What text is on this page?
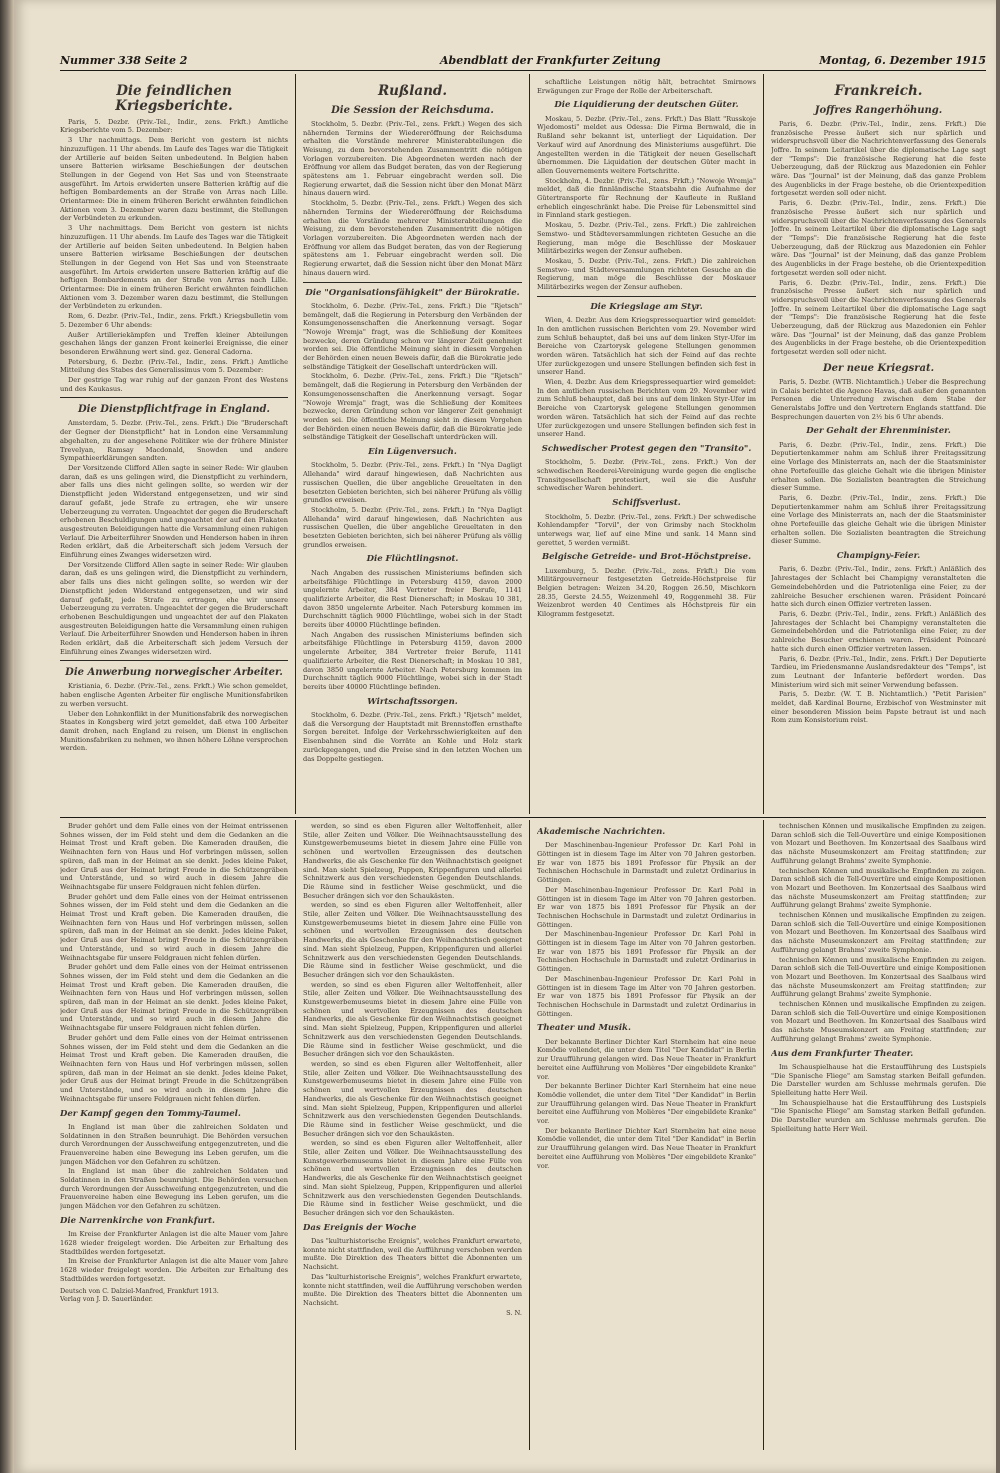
Nummer 338 Seite 2	Abendblatt der Frankfurter Zeitung	Montag, 6. Dezember 1915
Die feindlichen Kriegsberichte.

Paris, 5. Dezbr. (Priv.-Tel., Indir., zens. Frkft.) Amtliche Kriegsberichte vom 5. Dezember:

3 Uhr nachmittags. Dem Bericht von gestern ist nichts hinzuzufügen. 11 Uhr abends. Im Laufe des Tages war die Tätigkeit der Artillerie auf beiden Seiten unbedeutend. In Belgien haben unsere Batterien wirksame Beschießungen der deutschen Stellungen in der Gegend von Het Sas und von Steenstraate ausgeführt. Im Artois erwiderten unsere Batterien kräftig auf die heftigen Bombardements an der Straße von Arras nach Lille. Orientarmee: Die in einem früheren Bericht erwähnten feindlichen Aktionen vom 3. Dezember waren dazu bestimmt, die Stellungen der Verbündeten zu erkunden.

3 Uhr nachmittags. Dem Bericht von gestern ist nichts hinzuzufügen. 11 Uhr abends. Im Laufe des Tages war die Tätigkeit der Artillerie auf beiden Seiten unbedeutend. In Belgien haben unsere Batterien wirksame Beschießungen der deutschen Stellungen in der Gegend von Het Sas und von Steenstraate ausgeführt. Im Artois erwiderten unsere Batterien kräftig auf die heftigen Bombardements an der Straße von Arras nach Lille. Orientarmee: Die in einem früheren Bericht erwähnten feindlichen Aktionen vom 3. Dezember waren dazu bestimmt, die Stellungen der Verbündeten zu erkunden.

Rom, 6. Dezbr. (Priv.-Tel., Indir., zens. Frkft.) Kriegsbulletin vom 5. Dezember 6 Uhr abends:

Außer Artilleriekämpfen und Treffen kleiner Abteilungen geschahen längs der ganzen Front keinerlei Ereignisse, die einer besonderen Erwähnung wert sind. gez. General Cadorna.

Petersburg, 6. Dezbr. (Priv.-Tel., Indir., zens. Frkft.) Amtliche Mitteilung des Stabes des Generalissimus vom 5. Dezember:

Der gestrige Tag war ruhig auf der ganzen Front des Westens und des Kaukasus.

Die Dienstpflichtfrage in England.

Amsterdam, 5. Dezbr. (Priv.-Tel., zens. Frkft.) Die "Bruderschaft der Gegner der Dienstpflicht" hat in London eine Versammlung abgehalten, zu der angesehene Politiker wie der frühere Minister Trevelyan, Ramsay Macdonald, Snowden und andere Sympathieerklärungen sandten.

Der Vorsitzende Clifford Allen sagte in seiner Rede: Wir glauben daran, daß es uns gelingen wird, die Dienstpflicht zu verhindern, aber falls uns dies nicht gelingen sollte, so werden wir der Dienstpflicht jeden Widerstand entgegensetzen, und wir sind darauf gefaßt, jede Strafe zu ertragen, ehe wir unsere Ueberzeugung zu verraten. Ungeachtet der gegen die Bruderschaft erhobenen Beschuldigungen und ungeachtet der auf den Plakaten ausgestreuten Beleidigungen hatte die Versammlung einen ruhigen Verlauf. Die Arbeiterführer Snowden und Henderson haben in ihren Reden erklärt, daß die Arbeiterschaft sich jedem Versuch der Einführung eines Zwanges widersetzen wird.

Der Vorsitzende Clifford Allen sagte in seiner Rede: Wir glauben daran, daß es uns gelingen wird, die Dienstpflicht zu verhindern, aber falls uns dies nicht gelingen sollte, so werden wir der Dienstpflicht jeden Widerstand entgegensetzen, und wir sind darauf gefaßt, jede Strafe zu ertragen, ehe wir unsere Ueberzeugung zu verraten. Ungeachtet der gegen die Bruderschaft erhobenen Beschuldigungen und ungeachtet der auf den Plakaten ausgestreuten Beleidigungen hatte die Versammlung einen ruhigen Verlauf. Die Arbeiterführer Snowden und Henderson haben in ihren Reden erklärt, daß die Arbeiterschaft sich jedem Versuch der Einführung eines Zwanges widersetzen wird.

Die Anwerbung norwegischer Arbeiter.

Kristiania, 6. Dezbr. (Priv.-Tel., zens. Frkft.) Wie schon gemeldet, haben englische Agenten Arbeiter für englische Munitionsfabriken zu werben versucht.

Ueber den Lohnkonflikt in der Munitionsfabrik des norwegischen Staates in Kongsberg wird jetzt gemeldet, daß etwa 100 Arbeiter damit drohen, nach England zu reisen, um Dienst in englischen Munitionsfabriken zu nehmen, wo ihnen höhere Löhne versprochen werden.

Rußland.
Die Session der Reichsduma.

Stockholm, 5. Dezbr. (Priv.-Tel., zens. Frkft.) Wegen des sich nähernden Termins der Wiedereröffnung der Reichsduma erhalten die Vorstände mehrerer Ministerabteilungen die Weisung, zu dem bevorstehenden Zusammentritt die nötigen Vorlagen vorzubereiten. Die Abgeordneten werden nach der Eröffnung vor allem das Budget beraten, das von der Regierung spätestens am 1. Februar eingebracht werden soll. Die Regierung erwartet, daß die Session nicht über den Monat März hinaus dauern wird.

Stockholm, 5. Dezbr. (Priv.-Tel., zens. Frkft.) Wegen des sich nähernden Termins der Wiedereröffnung der Reichsduma erhalten die Vorstände mehrerer Ministerabteilungen die Weisung, zu dem bevorstehenden Zusammentritt die nötigen Vorlagen vorzubereiten. Die Abgeordneten werden nach der Eröffnung vor allem das Budget beraten, das von der Regierung spätestens am 1. Februar eingebracht werden soll. Die Regierung erwartet, daß die Session nicht über den Monat März hinaus dauern wird.

Die "Organisationsfähigkeit" der Bürokratie.

Stockholm, 6. Dezbr. (Priv.-Tel., zens. Frkft.) Die "Rjetsch" bemängelt, daß die Regierung in Petersburg den Verbänden der Konsumgenossenschaften die Anerkennung versagt. Sogar "Nowoje Wremja" fragt, was die Schließung der Komitees bezwecke, deren Gründung schon vor längerer Zeit genehmigt worden sei. Die öffentliche Meinung sieht in diesem Vorgehen der Behörden einen neuen Beweis dafür, daß die Bürokratie jede selbständige Tätigkeit der Gesellschaft unterdrücken will.

Stockholm, 6. Dezbr. (Priv.-Tel., zens. Frkft.) Die "Rjetsch" bemängelt, daß die Regierung in Petersburg den Verbänden der Konsumgenossenschaften die Anerkennung versagt. Sogar "Nowoje Wremja" fragt, was die Schließung der Komitees bezwecke, deren Gründung schon vor längerer Zeit genehmigt worden sei. Die öffentliche Meinung sieht in diesem Vorgehen der Behörden einen neuen Beweis dafür, daß die Bürokratie jede selbständige Tätigkeit der Gesellschaft unterdrücken will.

Ein Lügenversuch.

Stockholm, 5. Dezbr. (Priv.-Tel., zens. Frkft.) In "Nya Dagligt Allehanda" wird darauf hingewiesen, daß Nachrichten aus russischen Quellen, die über angebliche Greueltaten in den besetzten Gebieten berichten, sich bei näherer Prüfung als völlig grundlos erweisen.

Stockholm, 5. Dezbr. (Priv.-Tel., zens. Frkft.) In "Nya Dagligt Allehanda" wird darauf hingewiesen, daß Nachrichten aus russischen Quellen, die über angebliche Greueltaten in den besetzten Gebieten berichten, sich bei näherer Prüfung als völlig grundlos erweisen.

Die Flüchtlingsnot.

Nach Angaben des russischen Ministeriums befinden sich arbeitsfähige Flüchtlinge in Petersburg 4159, davon 2000 ungelernte Arbeiter, 384 Vertreter freier Berufe, 1141 qualifizierte Arbeiter, die Rest Dienerschaft; in Moskau 10 381, davon 3850 ungelernte Arbeiter. Nach Petersburg kommen im Durchschnitt täglich 9000 Flüchtlinge, wobei sich in der Stadt bereits über 40000 Flüchtlinge befinden.

Nach Angaben des russischen Ministeriums befinden sich arbeitsfähige Flüchtlinge in Petersburg 4159, davon 2000 ungelernte Arbeiter, 384 Vertreter freier Berufe, 1141 qualifizierte Arbeiter, die Rest Dienerschaft; in Moskau 10 381, davon 3850 ungelernte Arbeiter. Nach Petersburg kommen im Durchschnitt täglich 9000 Flüchtlinge, wobei sich in der Stadt bereits über 40000 Flüchtlinge befinden.

Wirtschaftssorgen.

Stockholm, 6. Dezbr. (Priv.-Tel., zens. Frkft.) "Rjetsch" meldet, daß die Versorgung der Hauptstadt mit Brennstoffen ernsthafte Sorgen bereitet. Infolge der Verkehrsschwierigkeiten auf den Eisenbahnen sind die Vorräte an Kohle und Holz stark zurückgegangen, und die Preise sind in den letzten Wochen um das Doppelte gestiegen.

schaftliche Leistungen nötig hält, betrachtet Smirnows Erwägungen zur Frage der Rolle der Arbeiterschaft.

Die Liquidierung der deutschen Güter.

Moskau, 5. Dezbr. (Priv.-Tel., zens. Frkft.) Das Blatt "Russkoje Wjedomosti" meldet aus Odessa: Die Firma Bernwald, die in Rußland sehr bekannt ist, unterliegt der Liquidation. Der Verkauf wird auf Anordnung des Ministeriums ausgeführt. Die Angestellten werden in die Tätigkeit der neuen Gesellschaft übernommen. Die Liquidation der deutschen Güter macht in allen Gouvernements weitere Fortschritte.

Stockholm, 4. Dezbr. (Priv.-Tel., zens. Frkft.) "Nowoje Wremja" meldet, daß die finnländische Staatsbahn die Aufnahme der Gütertransporte für Rechnung der Kaufleute in Rußland erheblich eingeschränkt habe. Die Preise für Lebensmittel sind in Finnland stark gestiegen.

Moskau, 5. Dezbr. (Priv.-Tel., zens. Frkft.) Die zahlreichen Semstwo- und Städteversammlungen richteten Gesuche an die Regierung, man möge die Beschlüsse der Moskauer Militärbezirks wegen der Zensur aufheben.

Moskau, 5. Dezbr. (Priv.-Tel., zens. Frkft.) Die zahlreichen Semstwo- und Städteversammlungen richteten Gesuche an die Regierung, man möge die Beschlüsse der Moskauer Militärbezirks wegen der Zensur aufheben.

Die Kriegslage am Styr.

Wien, 4. Dezbr. Aus dem Kriegspressequartier wird gemeldet: In den amtlichen russischen Berichten vom 29. November wird zum Schluß behauptet, daß bei uns auf dem linken Styr-Ufer im Bereiche von Czartorysk gelegene Stellungen genommen worden wären. Tatsächlich hat sich der Feind auf das rechte Ufer zurückgezogen und unsere Stellungen befinden sich fest in unserer Hand.

Wien, 4. Dezbr. Aus dem Kriegspressequartier wird gemeldet: In den amtlichen russischen Berichten vom 29. November wird zum Schluß behauptet, daß bei uns auf dem linken Styr-Ufer im Bereiche von Czartorysk gelegene Stellungen genommen worden wären. Tatsächlich hat sich der Feind auf das rechte Ufer zurückgezogen und unsere Stellungen befinden sich fest in unserer Hand.

Schwedischer Protest gegen den "Transito".

Stockholm, 5. Dezbr. (Priv.-Tel., zens. Frkft.) Von der schwedischen Reederei-Vereinigung wurde gegen die englische Transitgesellschaft protestiert, weil sie die Ausfuhr schwedischer Waren behindert.

Schiffsverlust.

Stockholm, 5. Dezbr. (Priv.-Tel., zens. Frkft.) Der schwedische Kohlendampfer "Torvil", der von Grimsby nach Stockholm unterwegs war, lief auf eine Mine und sank. 14 Mann sind gerettet, 5 werden vermißt.

Belgische Getreide- und Brot-Höchstpreise.

Luxemburg, 5. Dezbr. (Priv.-Tel., zens. Frkft.) Die vom Militärgouverneur festgesetzten Getreide-Höchstpreise für Belgien betragen: Weizen 34.20, Roggen 26.50, Mischkorn 28.35, Gerste 24.55, Weizenmehl 49, Roggenmehl 38. Für Weizenbrot werden 40 Centimes als Höchstpreis für ein Kilogramm festgesetzt.

Frankreich.
Joffres Rangerhöhung.

Paris, 6. Dezbr. (Priv.-Tel., Indir., zens. Frkft.) Die französische Presse äußert sich nur spärlich und widerspruchsvoll über die Nachrichtenverfassung des Generals Joffre. In seinem Leitartikel über die diplomatische Lage sagt der "Temps": Die französische Regierung hat die feste Ueberzeugung, daß der Rückzug aus Mazedonien ein Fehler wäre. Das "Journal" ist der Meinung, daß das ganze Problem des Augenblicks in der Frage bestehe, ob die Orientexpedition fortgesetzt werden soll oder nicht.

Paris, 6. Dezbr. (Priv.-Tel., Indir., zens. Frkft.) Die französische Presse äußert sich nur spärlich und widerspruchsvoll über die Nachrichtenverfassung des Generals Joffre. In seinem Leitartikel über die diplomatische Lage sagt der "Temps": Die französische Regierung hat die feste Ueberzeugung, daß der Rückzug aus Mazedonien ein Fehler wäre. Das "Journal" ist der Meinung, daß das ganze Problem des Augenblicks in der Frage bestehe, ob die Orientexpedition fortgesetzt werden soll oder nicht.

Paris, 6. Dezbr. (Priv.-Tel., Indir., zens. Frkft.) Die französische Presse äußert sich nur spärlich und widerspruchsvoll über die Nachrichtenverfassung des Generals Joffre. In seinem Leitartikel über die diplomatische Lage sagt der "Temps": Die französische Regierung hat die feste Ueberzeugung, daß der Rückzug aus Mazedonien ein Fehler wäre. Das "Journal" ist der Meinung, daß das ganze Problem des Augenblicks in der Frage bestehe, ob die Orientexpedition fortgesetzt werden soll oder nicht.

Der neue Kriegsrat.

Paris, 5. Dezbr. (WTB. Nichtamtlich.) Ueber die Besprechung in Calais berichtet die Agence Havas, daß außer den genannten Personen die Unterredung zwischen dem Stabe der Generalstabs Joffre und den Vertretern Englands stattfand. Die Besprechungen dauerten von 2½ bis 6 Uhr abends.

Der Gehalt der Ehrenminister.

Paris, 6. Dezbr. (Priv.-Tel., Indir., zens. Frkft.) Die Deputiertenkammer nahm am Schluß ihrer Freitagssitzung eine Vorlage des Ministerrats an, nach der die Staatsminister ohne Portefeuille das gleiche Gehalt wie die übrigen Minister erhalten sollen. Die Sozialisten beantragten die Streichung dieser Summe.

Paris, 6. Dezbr. (Priv.-Tel., Indir., zens. Frkft.) Die Deputiertenkammer nahm am Schluß ihrer Freitagssitzung eine Vorlage des Ministerrats an, nach der die Staatsminister ohne Portefeuille das gleiche Gehalt wie die übrigen Minister erhalten sollen. Die Sozialisten beantragten die Streichung dieser Summe.

Champigny-Feier.

Paris, 6. Dezbr. (Priv.-Tel., Indir., zens. Frkft.) Anläßlich des Jahrestages der Schlacht bei Champigny veranstalteten die Gemeindebehörden und die Patriotenliga eine Feier, zu der zahlreiche Besucher erschienen waren. Präsident Poincaré hatte sich durch einen Offizier vertreten lassen.

Paris, 6. Dezbr. (Priv.-Tel., Indir., zens. Frkft.) Anläßlich des Jahrestages der Schlacht bei Champigny veranstalteten die Gemeindebehörden und die Patriotenliga eine Feier, zu der zahlreiche Besucher erschienen waren. Präsident Poincaré hatte sich durch einen Offizier vertreten lassen.

Paris, 6. Dezbr. (Priv.-Tel., Indir., zens. Frkft.) Der Deputierte Tardieu, im Friedensmanne Auslandsredakteur des "Temps", ist zum Leutnant der Infanterie befördert worden. Das Ministerium wird sich mit seiner Verwendung befassen.

Paris, 5. Dezbr. (W. T. B. Nichtamtlich.) "Petit Parisien" meldet, daß Kardinal Bourne, Erzbischof von Westminster mit einer besonderen Mission beim Papste betraut ist und nach Rom zum Konsistorium reist.

Bruder gehört und dem Falle eines von der Heimat entrissenen Sohnes wissen, der im Feld steht und dem die Gedanken an die Heimat Trost und Kraft geben. Die Kameraden draußen, die Weihnachten fern von Haus und Hof verbringen müssen, sollen spüren, daß man in der Heimat an sie denkt. Jedes kleine Paket, jeder Gruß aus der Heimat bringt Freude in die Schützengräben und Unterstände, und so wird auch in diesem Jahre die Weihnachtsgabe für unsere Feldgrauen nicht fehlen dürfen.

Bruder gehört und dem Falle eines von der Heimat entrissenen Sohnes wissen, der im Feld steht und dem die Gedanken an die Heimat Trost und Kraft geben. Die Kameraden draußen, die Weihnachten fern von Haus und Hof verbringen müssen, sollen spüren, daß man in der Heimat an sie denkt. Jedes kleine Paket, jeder Gruß aus der Heimat bringt Freude in die Schützengräben und Unterstände, und so wird auch in diesem Jahre die Weihnachtsgabe für unsere Feldgrauen nicht fehlen dürfen.

Bruder gehört und dem Falle eines von der Heimat entrissenen Sohnes wissen, der im Feld steht und dem die Gedanken an die Heimat Trost und Kraft geben. Die Kameraden draußen, die Weihnachten fern von Haus und Hof verbringen müssen, sollen spüren, daß man in der Heimat an sie denkt. Jedes kleine Paket, jeder Gruß aus der Heimat bringt Freude in die Schützengräben und Unterstände, und so wird auch in diesem Jahre die Weihnachtsgabe für unsere Feldgrauen nicht fehlen dürfen.

Bruder gehört und dem Falle eines von der Heimat entrissenen Sohnes wissen, der im Feld steht und dem die Gedanken an die Heimat Trost und Kraft geben. Die Kameraden draußen, die Weihnachten fern von Haus und Hof verbringen müssen, sollen spüren, daß man in der Heimat an sie denkt. Jedes kleine Paket, jeder Gruß aus der Heimat bringt Freude in die Schützengräben und Unterstände, und so wird auch in diesem Jahre die Weihnachtsgabe für unsere Feldgrauen nicht fehlen dürfen.

Der Kampf gegen den Tommy-Taumel.

In England ist man über die zahlreichen Soldaten und Soldatinnen in den Straßen beunruhigt. Die Behörden versuchen durch Verordnungen der Ausschweifung entgegenzutreten, und die Frauenvereine haben eine Bewegung ins Leben gerufen, um die jungen Mädchen vor den Gefahren zu schützen.

In England ist man über die zahlreichen Soldaten und Soldatinnen in den Straßen beunruhigt. Die Behörden versuchen durch Verordnungen der Ausschweifung entgegenzutreten, und die Frauenvereine haben eine Bewegung ins Leben gerufen, um die jungen Mädchen vor den Gefahren zu schützen.

Die Narrenkirche von Frankfurt.

Im Kreise der Frankfurter Anlagen ist die alte Mauer vom Jahre 1628 wieder freigelegt worden. Die Arbeiten zur Erhaltung des Stadtbildes werden fortgesetzt.

Im Kreise der Frankfurter Anlagen ist die alte Mauer vom Jahre 1628 wieder freigelegt worden. Die Arbeiten zur Erhaltung des Stadtbildes werden fortgesetzt.

Deutsch von C. Dalziel-Manfred, Frankfurt 1913.
Verlag von J. D. Sauerländer.

werden, so sind es eben Figuren aller Weltoffenheit, aller Stile, aller Zeiten und Völker. Die Weihnachtsausstellung des Kunstgewerbemuseums bietet in diesem Jahre eine Fülle von schönen und wertvollen Erzeugnissen des deutschen Handwerks, die als Geschenke für den Weihnachtstisch geeignet sind. Man sieht Spielzeug, Puppen, Krippenfiguren und allerlei Schnitzwerk aus den verschiedensten Gegenden Deutschlands. Die Räume sind in festlicher Weise geschmückt, und die Besucher drängen sich vor den Schaukästen.

werden, so sind es eben Figuren aller Weltoffenheit, aller Stile, aller Zeiten und Völker. Die Weihnachtsausstellung des Kunstgewerbemuseums bietet in diesem Jahre eine Fülle von schönen und wertvollen Erzeugnissen des deutschen Handwerks, die als Geschenke für den Weihnachtstisch geeignet sind. Man sieht Spielzeug, Puppen, Krippenfiguren und allerlei Schnitzwerk aus den verschiedensten Gegenden Deutschlands. Die Räume sind in festlicher Weise geschmückt, und die Besucher drängen sich vor den Schaukästen.

werden, so sind es eben Figuren aller Weltoffenheit, aller Stile, aller Zeiten und Völker. Die Weihnachtsausstellung des Kunstgewerbemuseums bietet in diesem Jahre eine Fülle von schönen und wertvollen Erzeugnissen des deutschen Handwerks, die als Geschenke für den Weihnachtstisch geeignet sind. Man sieht Spielzeug, Puppen, Krippenfiguren und allerlei Schnitzwerk aus den verschiedensten Gegenden Deutschlands. Die Räume sind in festlicher Weise geschmückt, und die Besucher drängen sich vor den Schaukästen.

werden, so sind es eben Figuren aller Weltoffenheit, aller Stile, aller Zeiten und Völker. Die Weihnachtsausstellung des Kunstgewerbemuseums bietet in diesem Jahre eine Fülle von schönen und wertvollen Erzeugnissen des deutschen Handwerks, die als Geschenke für den Weihnachtstisch geeignet sind. Man sieht Spielzeug, Puppen, Krippenfiguren und allerlei Schnitzwerk aus den verschiedensten Gegenden Deutschlands. Die Räume sind in festlicher Weise geschmückt, und die Besucher drängen sich vor den Schaukästen.

werden, so sind es eben Figuren aller Weltoffenheit, aller Stile, aller Zeiten und Völker. Die Weihnachtsausstellung des Kunstgewerbemuseums bietet in diesem Jahre eine Fülle von schönen und wertvollen Erzeugnissen des deutschen Handwerks, die als Geschenke für den Weihnachtstisch geeignet sind. Man sieht Spielzeug, Puppen, Krippenfiguren und allerlei Schnitzwerk aus den verschiedensten Gegenden Deutschlands. Die Räume sind in festlicher Weise geschmückt, und die Besucher drängen sich vor den Schaukästen.

Das Ereignis der Woche

Das "kulturhistorische Ereignis", welches Frankfurt erwartete, konnte nicht stattfinden, weil die Aufführung verschoben werden mußte. Die Direktion des Theaters bittet die Abonnenten um Nachsicht.

Das "kulturhistorische Ereignis", welches Frankfurt erwartete, konnte nicht stattfinden, weil die Aufführung verschoben werden mußte. Die Direktion des Theaters bittet die Abonnenten um Nachsicht.

S. N.

Akademische Nachrichten.

Der Maschinenbau-Ingenieur Professor Dr. Karl Pohl in Göttingen ist in diesem Tage im Alter von 70 Jahren gestorben. Er war von 1875 bis 1891 Professor für Physik an der Technischen Hochschule in Darmstadt und zuletzt Ordinarius in Göttingen.

Der Maschinenbau-Ingenieur Professor Dr. Karl Pohl in Göttingen ist in diesem Tage im Alter von 70 Jahren gestorben. Er war von 1875 bis 1891 Professor für Physik an der Technischen Hochschule in Darmstadt und zuletzt Ordinarius in Göttingen.

Der Maschinenbau-Ingenieur Professor Dr. Karl Pohl in Göttingen ist in diesem Tage im Alter von 70 Jahren gestorben. Er war von 1875 bis 1891 Professor für Physik an der Technischen Hochschule in Darmstadt und zuletzt Ordinarius in Göttingen.

Der Maschinenbau-Ingenieur Professor Dr. Karl Pohl in Göttingen ist in diesem Tage im Alter von 70 Jahren gestorben. Er war von 1875 bis 1891 Professor für Physik an der Technischen Hochschule in Darmstadt und zuletzt Ordinarius in Göttingen.

Theater und Musik.

Der bekannte Berliner Dichter Karl Sternheim hat eine neue Komödie vollendet, die unter dem Titel "Der Kandidat" in Berlin zur Uraufführung gelangen wird. Das Neue Theater in Frankfurt bereitet eine Aufführung von Molières "Der eingebildete Kranke" vor.

Der bekannte Berliner Dichter Karl Sternheim hat eine neue Komödie vollendet, die unter dem Titel "Der Kandidat" in Berlin zur Uraufführung gelangen wird. Das Neue Theater in Frankfurt bereitet eine Aufführung von Molières "Der eingebildete Kranke" vor.

Der bekannte Berliner Dichter Karl Sternheim hat eine neue Komödie vollendet, die unter dem Titel "Der Kandidat" in Berlin zur Uraufführung gelangen wird. Das Neue Theater in Frankfurt bereitet eine Aufführung von Molières "Der eingebildete Kranke" vor.

technischen Können und musikalische Empfinden zu zeigen. Daran schloß sich die Tell-Ouvertüre und einige Kompositionen von Mozart und Beethoven. Im Konzertsaal des Saalbaus wird das nächste Museumskonzert am Freitag stattfinden; zur Aufführung gelangt Brahms' zweite Symphonie.

technischen Können und musikalische Empfinden zu zeigen. Daran schloß sich die Tell-Ouvertüre und einige Kompositionen von Mozart und Beethoven. Im Konzertsaal des Saalbaus wird das nächste Museumskonzert am Freitag stattfinden; zur Aufführung gelangt Brahms' zweite Symphonie.

technischen Können und musikalische Empfinden zu zeigen. Daran schloß sich die Tell-Ouvertüre und einige Kompositionen von Mozart und Beethoven. Im Konzertsaal des Saalbaus wird das nächste Museumskonzert am Freitag stattfinden; zur Aufführung gelangt Brahms' zweite Symphonie.

technischen Können und musikalische Empfinden zu zeigen. Daran schloß sich die Tell-Ouvertüre und einige Kompositionen von Mozart und Beethoven. Im Konzertsaal des Saalbaus wird das nächste Museumskonzert am Freitag stattfinden; zur Aufführung gelangt Brahms' zweite Symphonie.

technischen Können und musikalische Empfinden zu zeigen. Daran schloß sich die Tell-Ouvertüre und einige Kompositionen von Mozart und Beethoven. Im Konzertsaal des Saalbaus wird das nächste Museumskonzert am Freitag stattfinden; zur Aufführung gelangt Brahms' zweite Symphonie.

Aus dem Frankfurter Theater.

Im Schauspielhause hat die Erstaufführung des Lustspiels "Die Spanische Fliege" am Samstag starken Beifall gefunden. Die Darsteller wurden am Schlusse mehrmals gerufen. Die Spielleitung hatte Herr Weil.

Im Schauspielhause hat die Erstaufführung des Lustspiels "Die Spanische Fliege" am Samstag starken Beifall gefunden. Die Darsteller wurden am Schlusse mehrmals gerufen. Die Spielleitung hatte Herr Weil.
